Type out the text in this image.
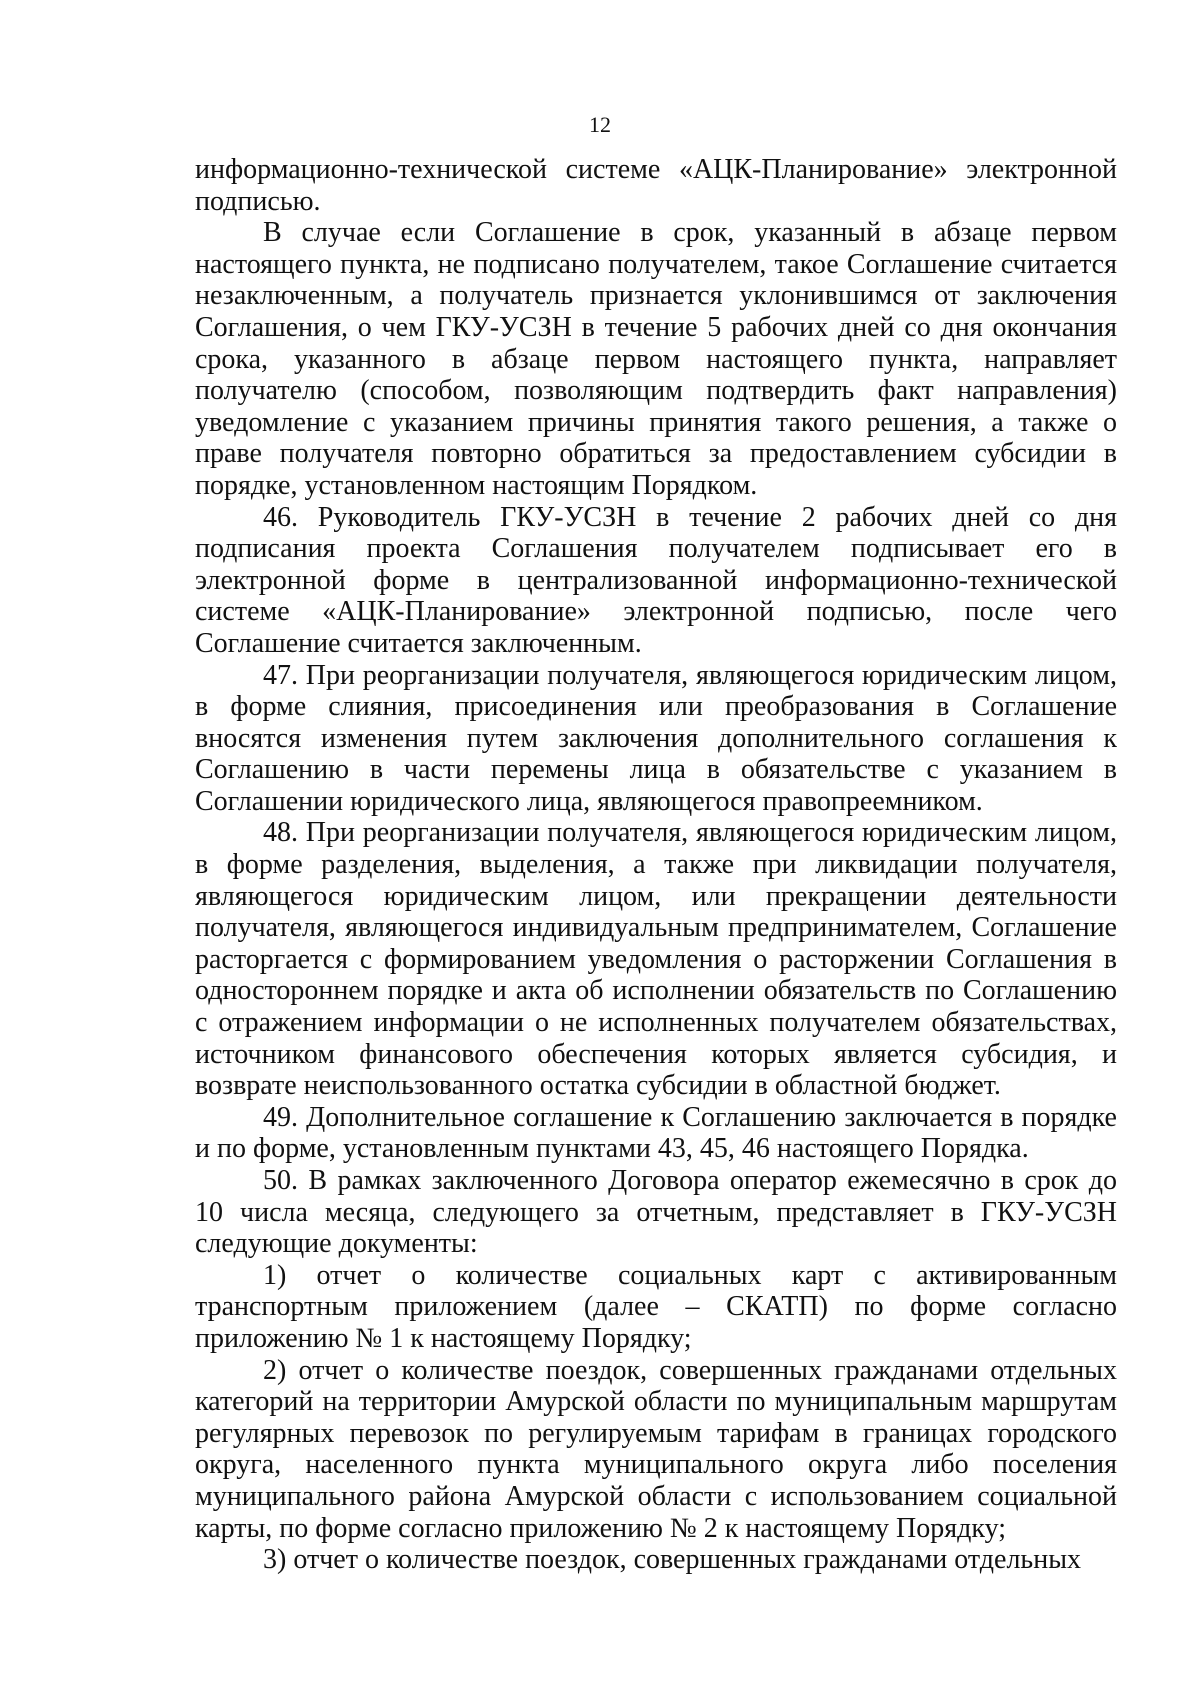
12

информационно-технической системе «АЦК-Планирование» электронной подписью.

В случае если Соглашение в срок, указанный в абзаце первом настоящего пункта, не подписано получателем, такое Соглашение считается незаключенным, а получатель признается уклонившимся от заключения Соглашения, о чем ГКУ-УСЗН в течение 5 рабочих дней со дня окончания срока, указанного в абзаце первом настоящего пункта, направляет получателю (способом, позволяющим подтвердить факт направления) уведомление с указанием причины принятия такого решения, а также о праве получателя повторно обратиться за предоставлением субсидии в порядке, установленном настоящим Порядком.

46. Руководитель ГКУ-УСЗН в течение 2 рабочих дней со дня подписания проекта Соглашения получателем подписывает его в электронной форме в централизованной информационно-технической системе «АЦК-Планирование» электронной подписью, после чего Соглашение считается заключенным.

47. При реорганизации получателя, являющегося юридическим лицом, в форме слияния, присоединения или преобразования в Соглашение вносятся изменения путем заключения дополнительного соглашения к Соглашению в части перемены лица в обязательстве с указанием в Соглашении юридического лица, являющегося правопреемником.

48. При реорганизации получателя, являющегося юридическим лицом, в форме разделения, выделения, а также при ликвидации получателя, являющегося юридическим лицом, или прекращении деятельности получателя, являющегося индивидуальным предпринимателем, Соглашение расторгается с формированием уведомления о расторжении Соглашения в одностороннем порядке и акта об исполнении обязательств по Соглашению с отражением информации о не исполненных получателем обязательствах, источником финансового обеспечения которых является субсидия, и возврате неиспользованного остатка субсидии в областной бюджет.

49. Дополнительное соглашение к Соглашению заключается в порядке и по форме, установленным пунктами 43, 45, 46 настоящего Порядка.

50. В рамках заключенного Договора оператор ежемесячно в срок до 10 числа месяца, следующего за отчетным, представляет в ГКУ-УСЗН следующие документы:

1) отчет о количестве социальных карт с активированным транспортным приложением (далее – СКАТП) по форме согласно приложению № 1 к настоящему Порядку;

2) отчет о количестве поездок, совершенных гражданами отдельных категорий на территории Амурской области по муниципальным маршрутам регулярных перевозок по регулируемым тарифам в границах городского округа, населенного пункта муниципального округа либо поселения муниципального района Амурской области с использованием социальной карты, по форме согласно приложению № 2 к настоящему Порядку;

3) отчет о количестве поездок, совершенных гражданами отдельных
